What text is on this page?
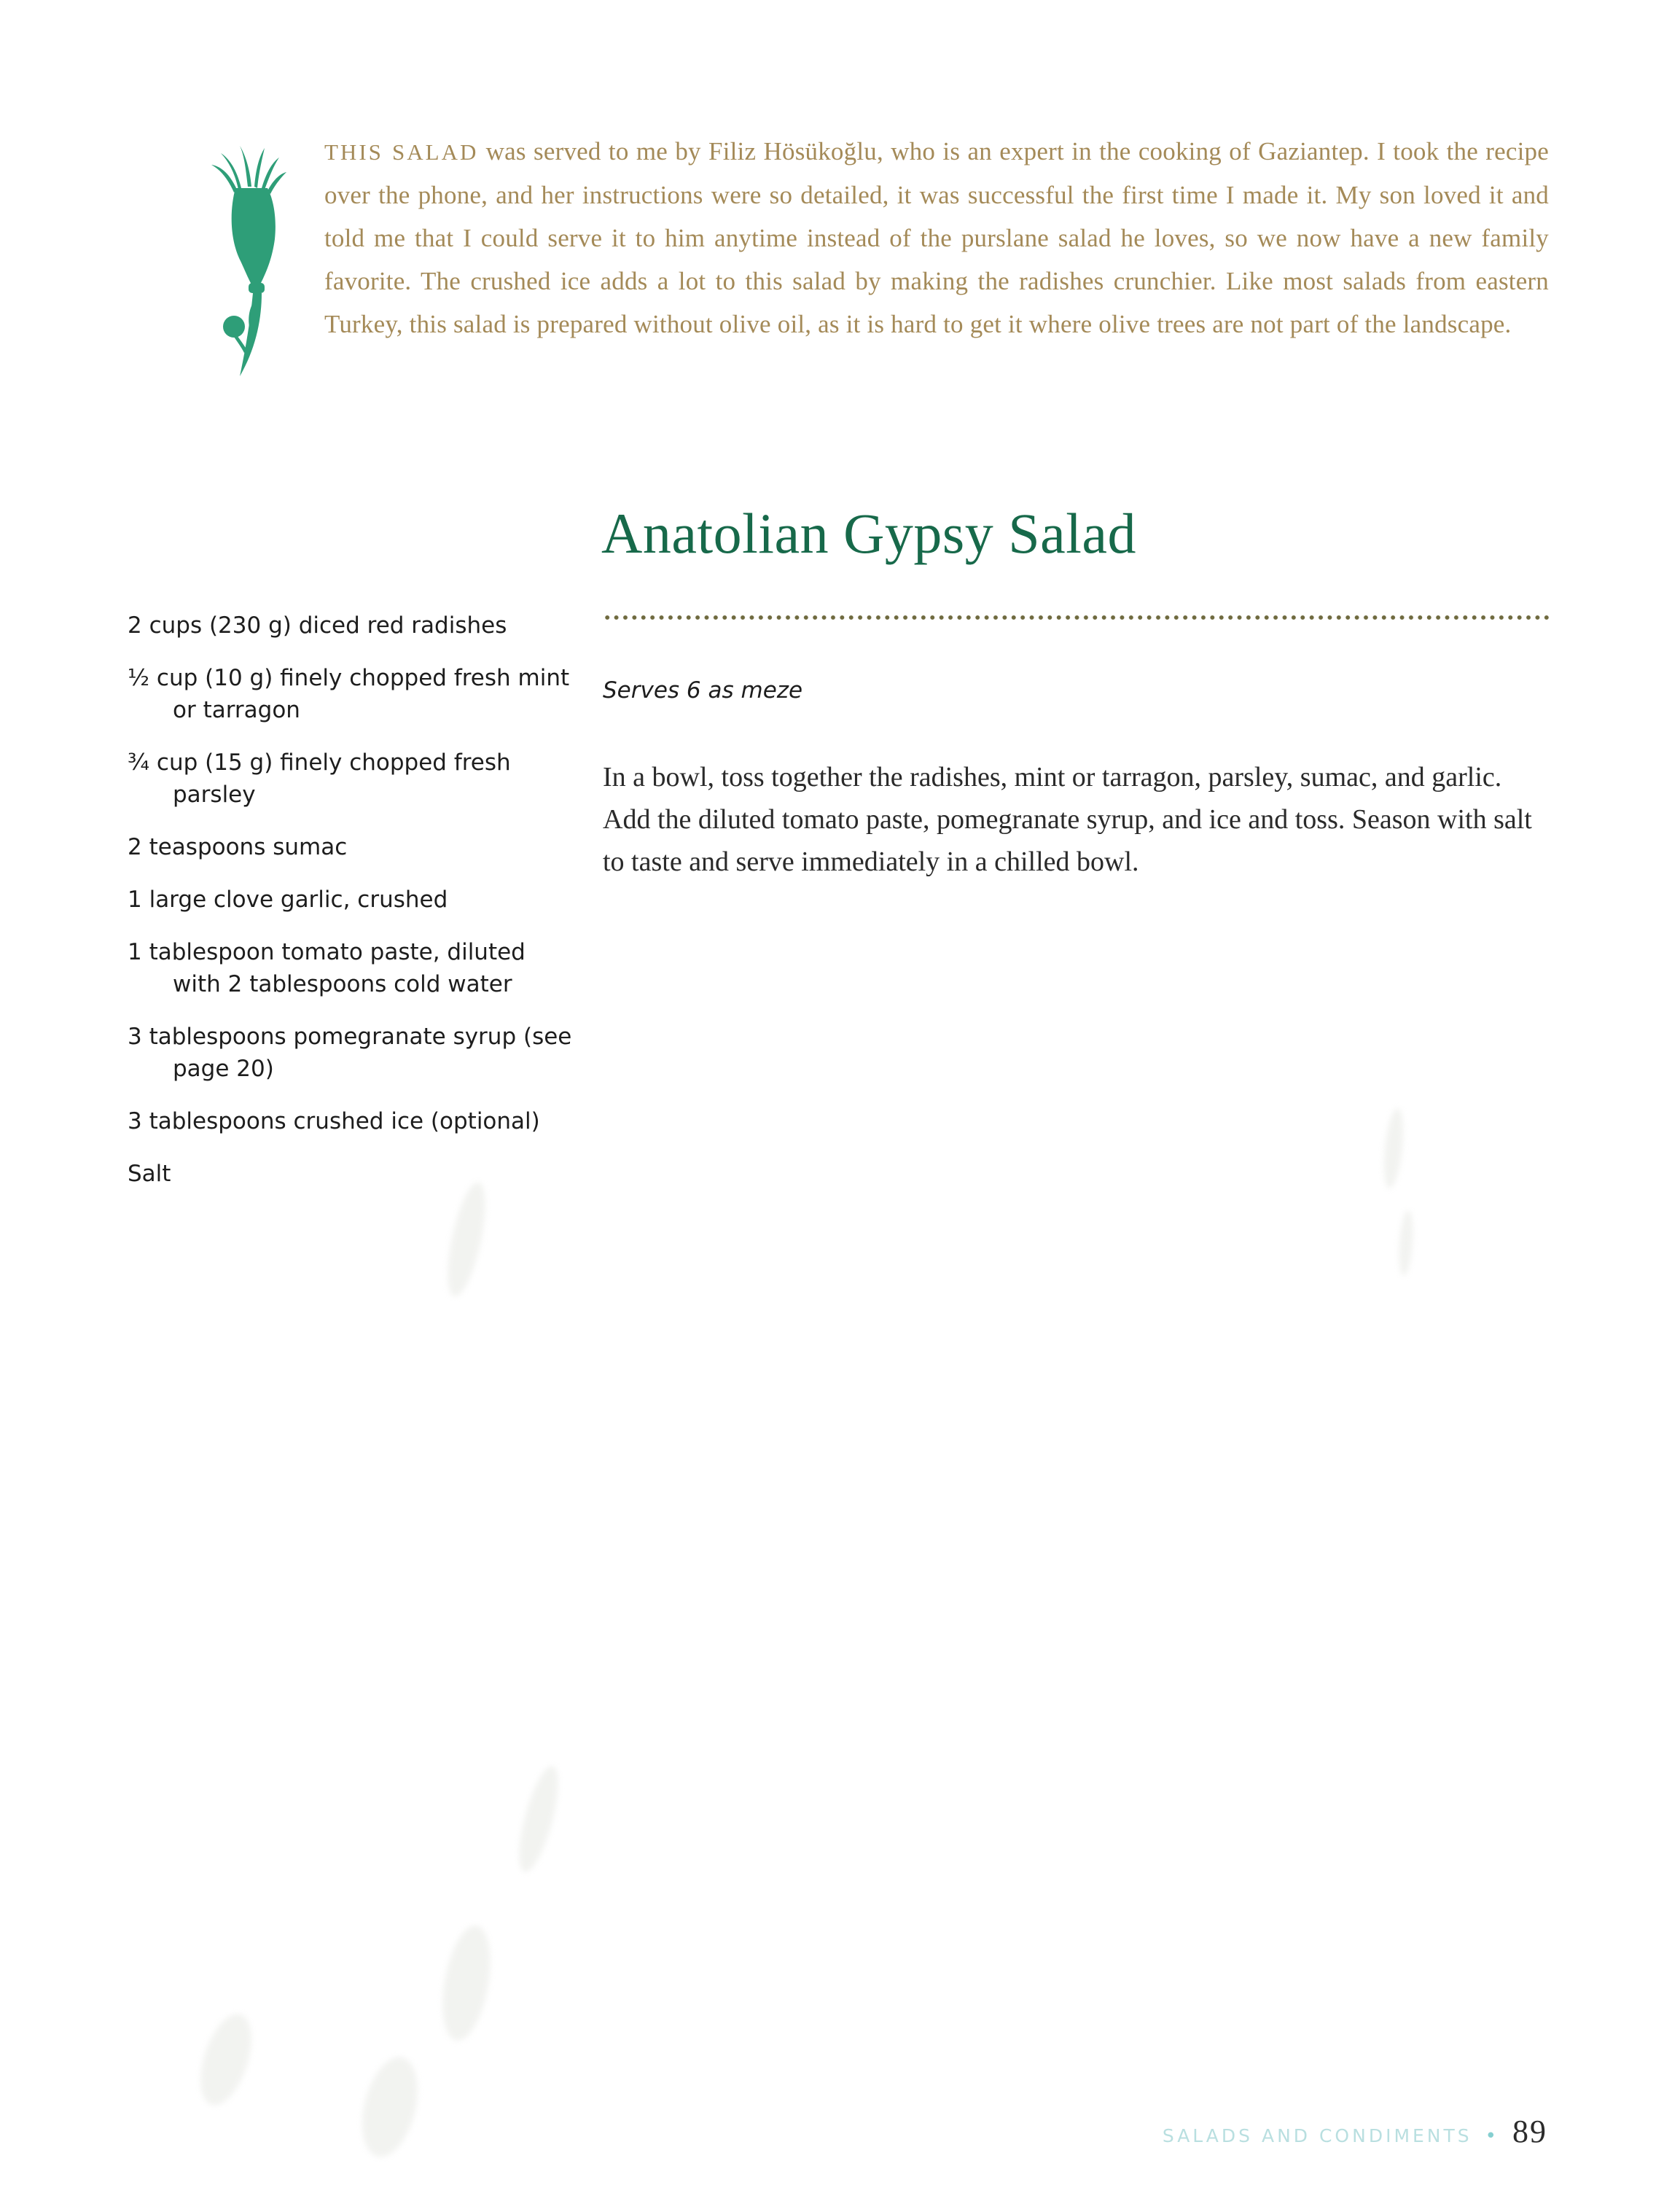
THIS SALAD was served to me by Filiz Hösükoğlu, who is an expert in the cooking of Gaziantep. I took the recipe over the phone, and her instructions were so detailed, it was successful the first time I made it. My son loved it and told me that I could serve it to him anytime instead of the purslane salad he loves, so we now have a new family favorite. The crushed ice adds a lot to this salad by making the radishes crunchier. Like most salads from eastern Turkey, this salad is prepared without olive oil, as it is hard to get it where olive trees are not part of the landscape.

Anatolian Gypsy Salad
2 cups (230 g) diced red radishes
½ cup (10 g) finely chopped fresh mint or tarragon
¾ cup (15 g) finely chopped fresh parsley
2 teaspoons sumac
1 large clove garlic, crushed
1 tablespoon tomato paste, diluted with 2 tablespoons cold water
3 tablespoons pomegranate syrup (see page 20)
3 tablespoons crushed ice (optional)
Salt
Serves 6 as meze

In a bowl, toss together the radishes, mint or tarragon, parsley, sumac, and garlic. Add the diluted tomato paste, pomegranate syrup, and ice and toss. Season with salt to taste and serve immediately in a chilled bowl.

SALADS AND CONDIMENTS • 89
